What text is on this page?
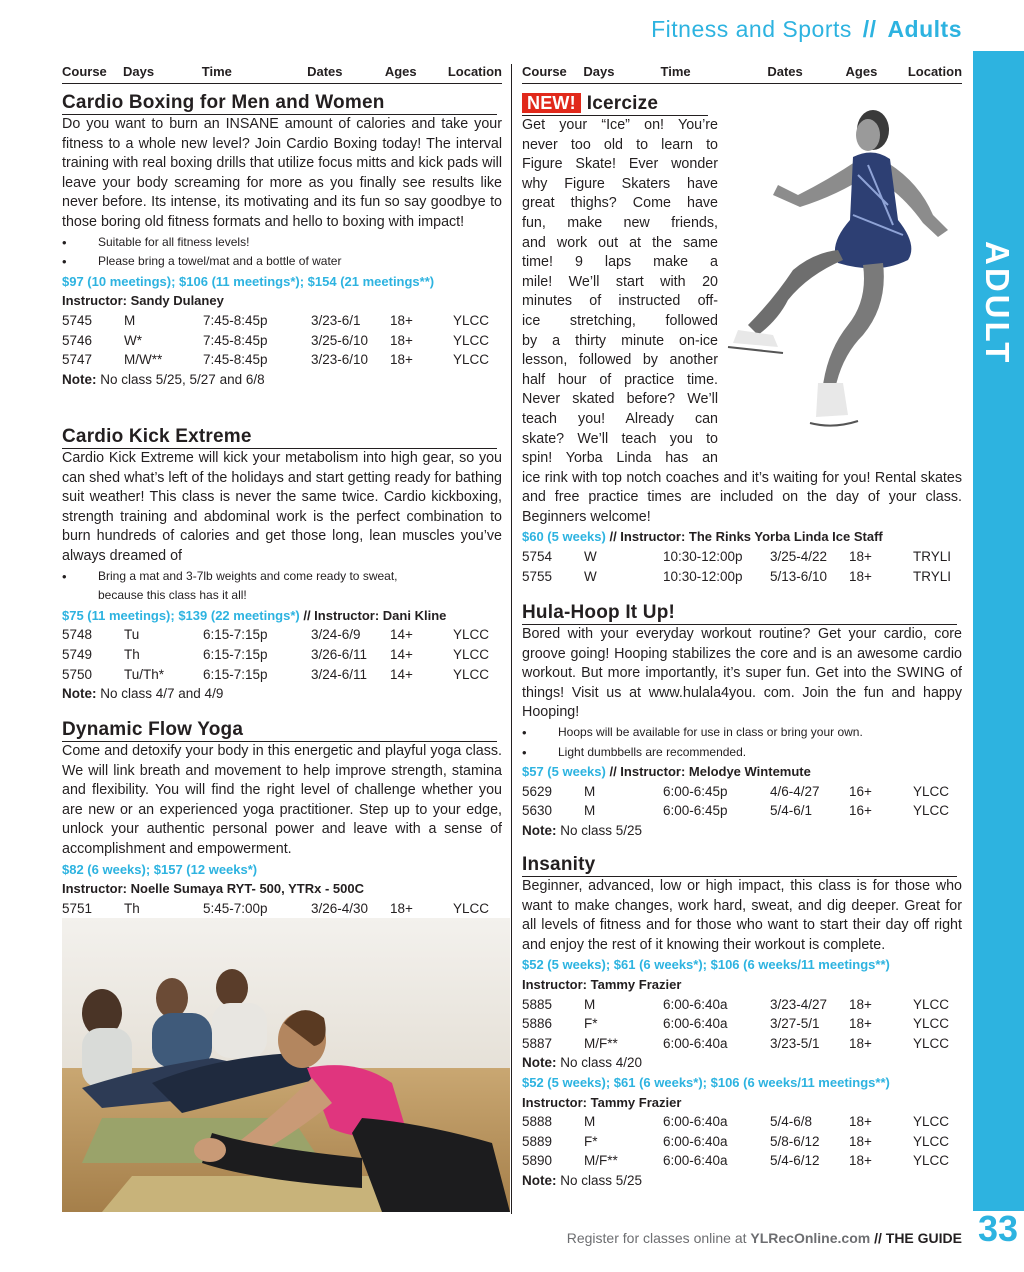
Fitness and Sports // Adults
ADULT
Course	Days	Time	Dates	Ages	Location
Cardio Boxing for Men and Women

Do you want to burn an INSANE amount of calories and take your fitness to a whole new level? Join Cardio Boxing today! The interval training with real boxing drills that utilize focus mitts and kick pads will leave your body screaming for more as you finally see results like never before. Its intense, its motivating and its fun so say goodbye to those boring old fitness formats and hello to boxing with impact!

• Suitable for all fitness levels!
• Please bring a towel/mat and a bottle of water
$97 (10 meetings); $106 (11 meetings*); $154 (21 meetings**)
Instructor: Sandy Dulaney
5745	M	7:45-8:45p	3/23-6/1	18+	YLCC
5746	W*	7:45-8:45p	3/25-6/10	18+	YLCC
5747	M/W**	7:45-8:45p	3/23-6/10	18+	YLCC
Note: No class 5/25, 5/27 and 6/8
Cardio Kick Extreme

Cardio Kick Extreme will kick your metabolism into high gear, so you can shed what’s left of the holidays and start getting ready for bathing suit weather! This class is never the same twice. Cardio kickboxing, strength training and abdominal work is the perfect combination to burn hundreds of calories and get those long, lean muscles you’ve always dreamed of

• Bring a mat and 3-7lb weights and come ready to sweat,
because this class has it all!
$75 (11 meetings); $139 (22 meetings*) // Instructor: Dani Kline
5748	Tu	6:15-7:15p	3/24-6/9	14+	YLCC
5749	Th	6:15-7:15p	3/26-6/11	14+	YLCC
5750	Tu/Th*	6:15-7:15p	3/24-6/11	14+	YLCC
Note: No class 4/7 and 4/9
Dynamic Flow Yoga

Come and detoxify your body in this energetic and playful yoga class. We will link breath and movement to help improve strength, stamina and flexibility. You will find the right level of challenge whether you are new or an experienced yoga practitioner. Step up to your edge, unlock your authentic personal power and leave with a sense of accomplishment and empowerment.

$82 (6 weeks); $157 (12 weeks*)
Instructor: Noelle Sumaya RYT- 500, YTRx - 500C
5751	Th	5:45-7:00p	3/26-4/30	18+	YLCC

Course	Days	Time	Dates	Ages	Location
NEW! Icercize
Get your “Ice” on! You’re
never too old to learn to
Figure Skate! Ever wonder
why Figure Skaters have
great thighs? Come have
fun, make new friends,
and work out at the same
time! 9 laps make a
mile! We’ll start with 20
minutes of instructed off-
ice stretching, followed
by a thirty minute on-ice
lesson, followed by another
half hour of practice time.
Never skated before? We’ll
teach you! Already can
skate? We’ll teach you to
spin! Yorba Linda has an

ice rink with top notch coaches and it’s waiting for you! Rental skates and free practice times are included on the day of your class. Beginners welcome!

$60 (5 weeks) // Instructor: The Rinks Yorba Linda Ice Staff
5754	W	10:30-12:00p	3/25-4/22	18+	TRYLI
5755	W	10:30-12:00p	5/13-6/10	18+	TRYLI
Hula-Hoop It Up!

Bored with your everyday workout routine? Get your cardio, core groove going! Hooping stabilizes the core and is an awesome cardio workout. But more importantly, it’s super fun. Get into the SWING of things! Visit us at www.hulala4you. com. Join the fun and happy Hooping!

• Hoops will be available for use in class or bring your own.
• Light dumbbells are recommended.
$57 (5 weeks) // Instructor: Melodye Wintemute
5629	M	6:00-6:45p	4/6-4/27	16+	YLCC
5630	M	6:00-6:45p	5/4-6/1	16+	YLCC
Note: No class 5/25
Insanity

Beginner, advanced, low or high impact, this class is for those who want to make changes, work hard, sweat, and dig deeper. Great for all levels of fitness and for those who want to start their day off right and enjoy the rest of it knowing their workout is complete.

$52 (5 weeks); $61 (6 weeks*); $106 (6 weeks/11 meetings**)
Instructor: Tammy Frazier
5885	M	6:00-6:40a	3/23-4/27	18+	YLCC
5886	F*	6:00-6:40a	3/27-5/1	18+	YLCC
5887	M/F**	6:00-6:40a	3/23-5/1	18+	YLCC
Note: No class 4/20
$52 (5 weeks); $61 (6 weeks*); $106 (6 weeks/11 meetings**)
Instructor: Tammy Frazier
5888	M	6:00-6:40a	5/4-6/8	18+	YLCC
5889	F*	6:00-6:40a	5/8-6/12	18+	YLCC
5890	M/F**	6:00-6:40a	5/4-6/12	18+	YLCC
Note: No class 5/25
Register for classes online at YLRecOnline.com // THE GUIDE 33
